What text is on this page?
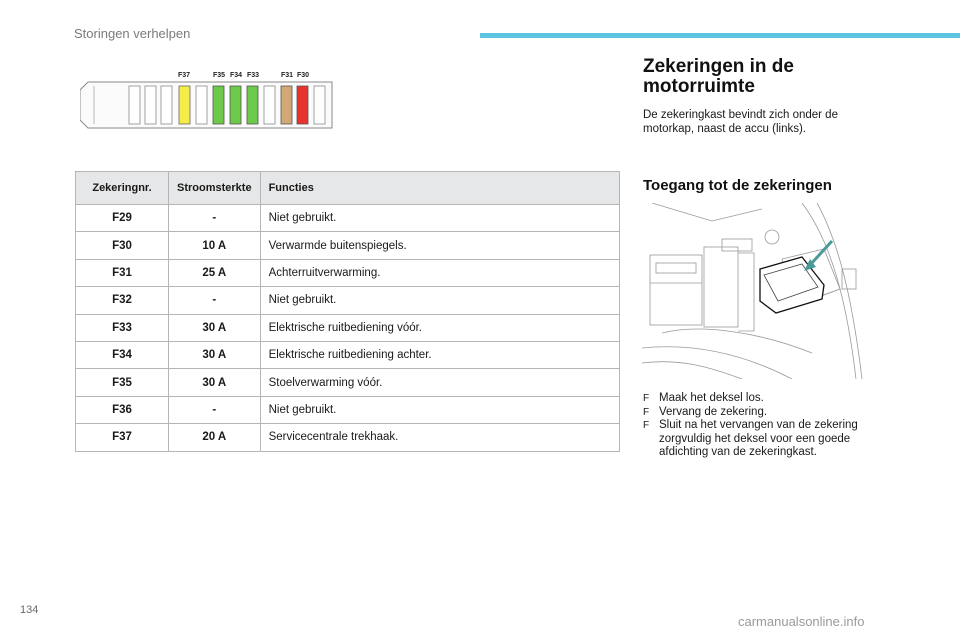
Storingen verhelpen
F37	F35 F34 F33	F31 F30
Zekeringnr.	Stroomsterkte	Functies
F29	-	Niet gebruikt.
F30	10 A	Verwarmde buitenspiegels.
F31	25 A	Achterruitverwarming.
F32	-	Niet gebruikt.
F33	30 A	Elektrische ruitbediening vóór.
F34	30 A	Elektrische ruitbediening achter.
F35	30 A	Stoelverwarming vóór.
F36	-	Niet gebruikt.
F37	20 A	Servicecentrale trekhaak.
Zekeringen in de motorruimte
De zekeringkast bevindt zich onder de motorkap, naast de accu (links).
Toegang tot de zekeringen
F Maak het deksel los.
F Vervang de zekering.
F Sluit na het vervangen van de zekering zorgvuldig het deksel voor een goede afdichting van de zekeringkast.
134
carmanualsonline.info
